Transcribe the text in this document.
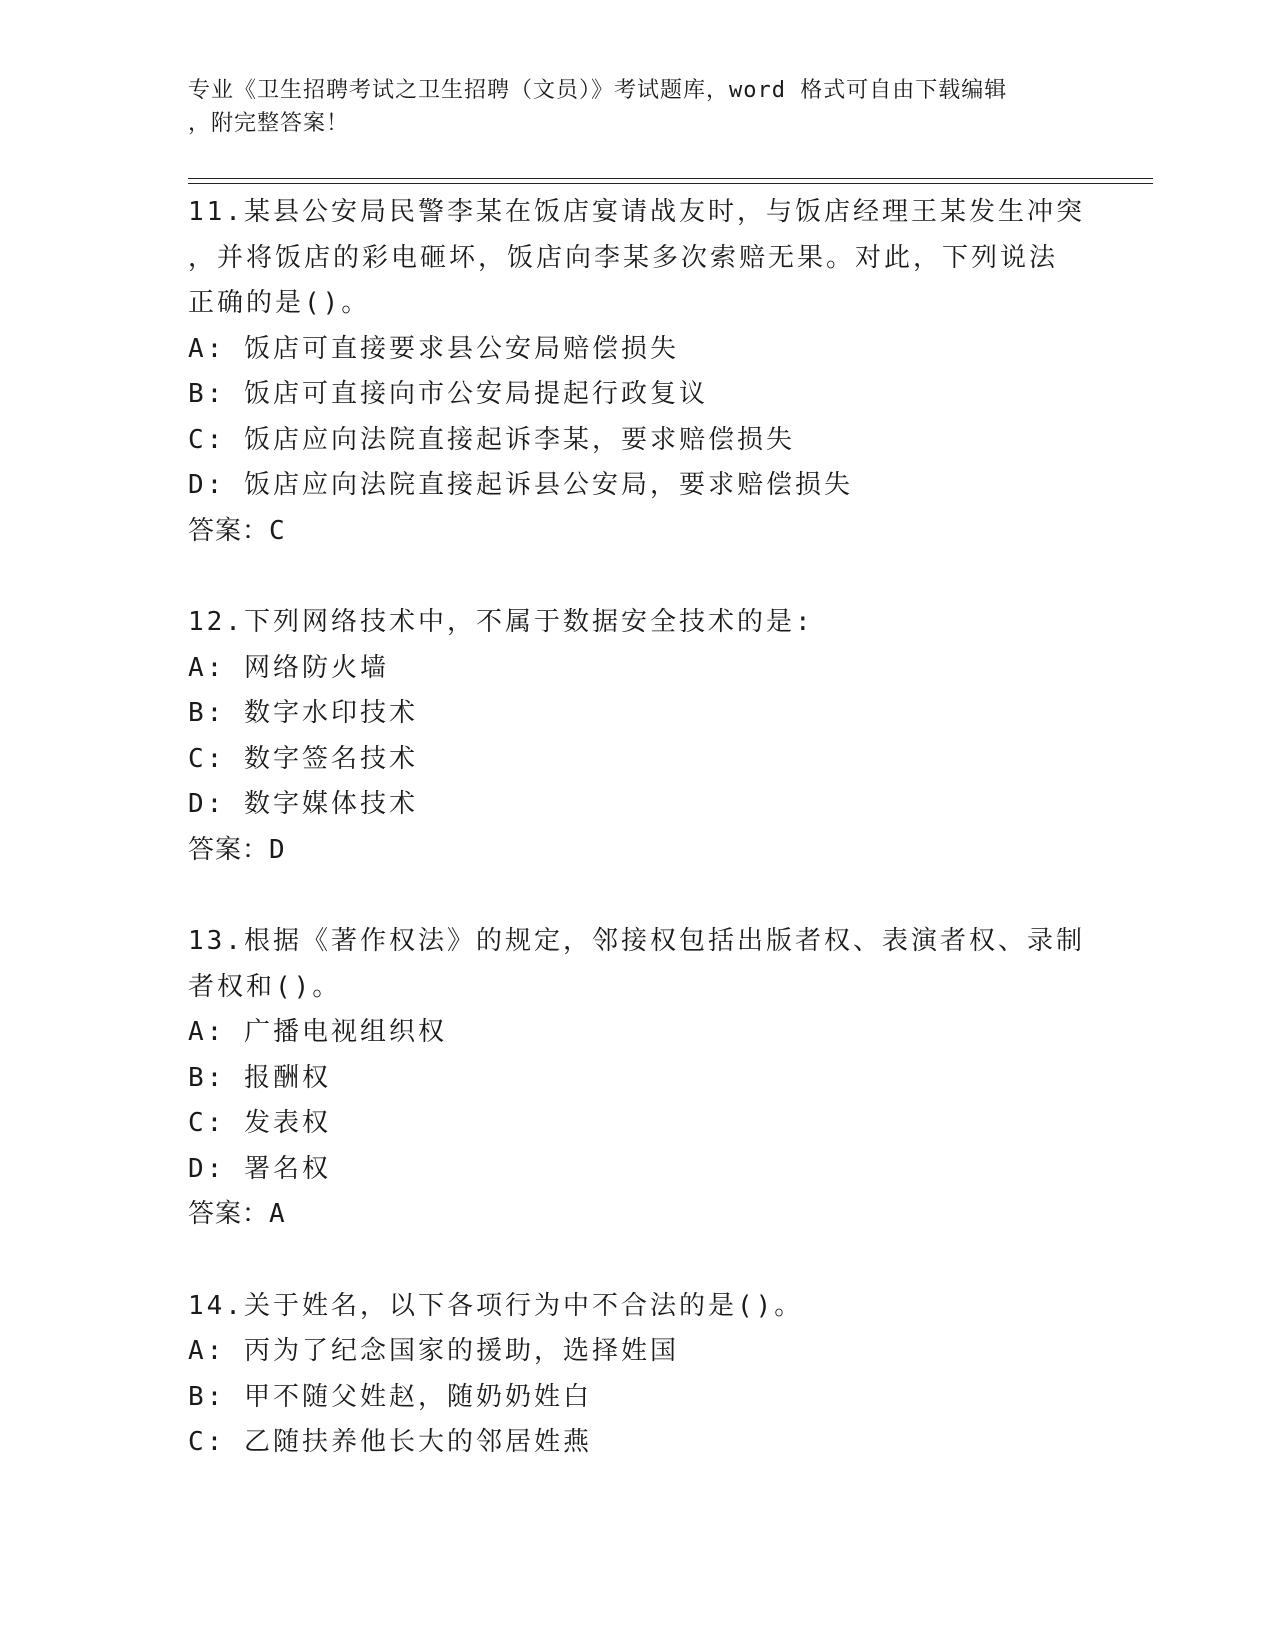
专业《卫生招聘考试之卫生招聘（文员）》考试题库，word 格式可自由下载编辑
，附完整答案！
11.某县公安局民警李某在饭店宴请战友时，与饭店经理王某发生冲突
，并将饭店的彩电砸坏，饭店向李某多次索赔无果。对此，下列说法
正确的是()。
A: 饭店可直接要求县公安局赔偿损失
B: 饭店可直接向市公安局提起行政复议
C: 饭店应向法院直接起诉李某，要求赔偿损失
D: 饭店应向法院直接起诉县公安局，要求赔偿损失
答案：C
12.下列网络技术中，不属于数据安全技术的是:
A: 网络防火墙
B: 数字水印技术
C: 数字签名技术
D: 数字媒体技术
答案：D
13.根据《著作权法》的规定，邻接权包括出版者权、表演者权、录制
者权和()。
A: 广播电视组织权
B: 报酬权
C: 发表权
D: 署名权
答案：A
14.关于姓名，以下各项行为中不合法的是()。
A: 丙为了纪念国家的援助，选择姓国
B: 甲不随父姓赵，随奶奶姓白
C: 乙随扶养他长大的邻居姓燕
